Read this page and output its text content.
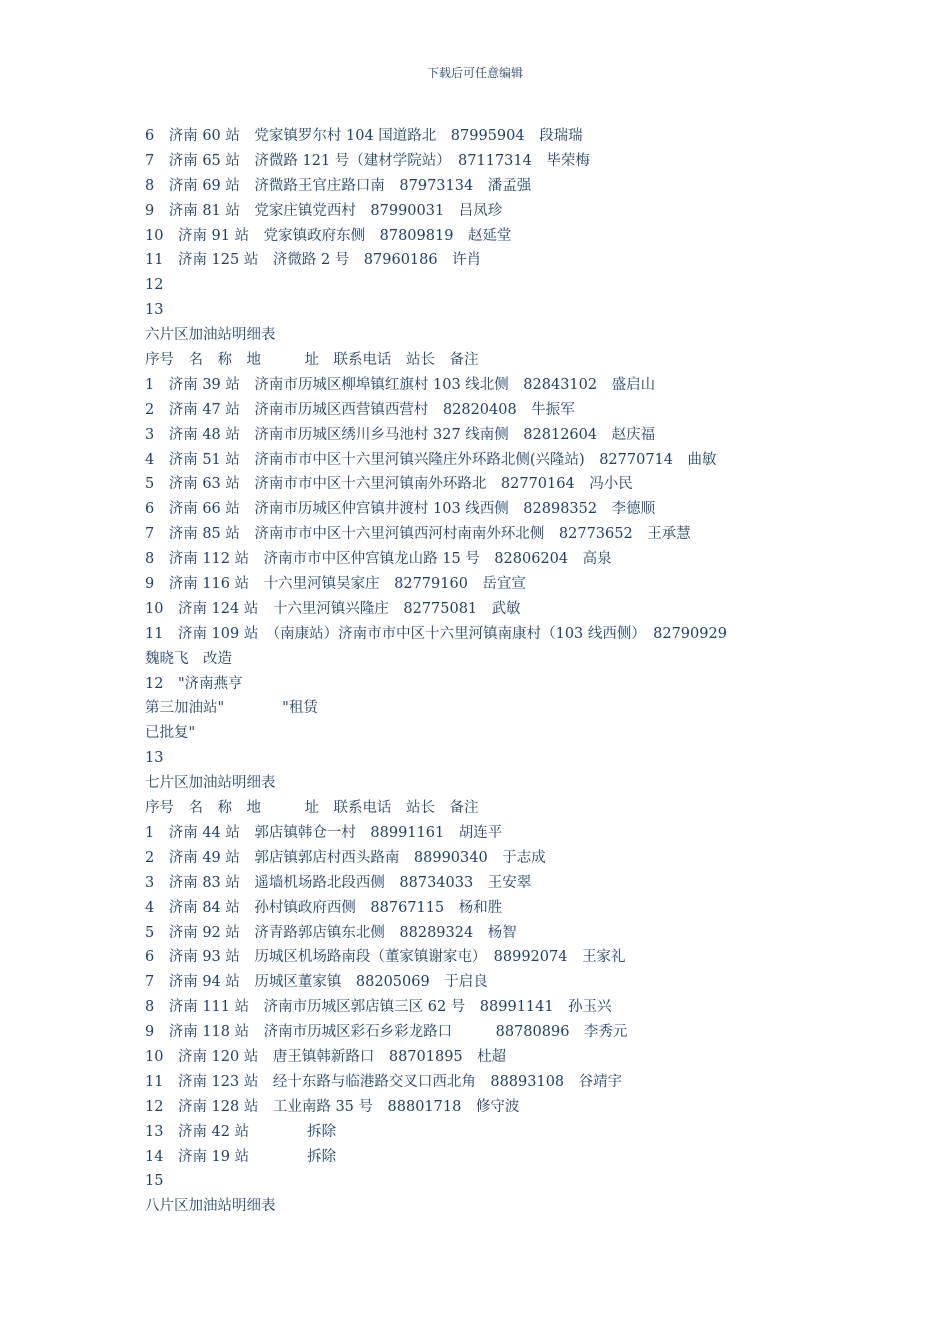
下载后可任意编辑
6　济南 60 站　党家镇罗尔村 104 国道路北　87995904　段瑞瑞
7　济南 65 站　济微路 121 号（建材学院站）　87117314　毕荣梅
8　济南 69 站　济微路王官庄路口南　87973134　潘孟强
9　济南 81 站　党家庄镇党西村　87990031　吕凤珍
10　济南 91 站　党家镇政府东侧　87809819　赵延堂
11　济南 125 站　济微路 2 号　87960186　许肖
12
13
六片区加油站明细表
序号　名　称　地　　　址　联系电话　站长　备注
1　济南 39 站　济南市历城区柳埠镇红旗村 103 线北侧　82843102　盛启山
2　济南 47 站　济南市历城区西营镇西营村　82820408　牛振军
3　济南 48 站　济南市历城区绣川乡马池村 327 线南侧　82812604　赵庆福
4　济南 51 站　济南市市中区十六里河镇兴隆庄外环路北侧(兴隆站)　82770714　曲敏
5　济南 63 站　济南市市中区十六里河镇南外环路北　82770164　冯小民
6　济南 66 站　济南市历城区仲宫镇井渡村 103 线西侧　82898352　李德顺
7　济南 85 站　济南市市中区十六里河镇西河村南南外环北侧　82773652　王承慧
8　济南 112 站　济南市市中区仲宫镇龙山路 15 号　82806204　高泉
9　济南 116 站　十六里河镇吴家庄　82779160　岳宜宣
10　济南 124 站　十六里河镇兴隆庄　82775081　武敏
11　济南 109 站　（南康站）济南市市中区十六里河镇南康村（103 线西侧）　82790929
魏晓飞　改造
12　"济南燕亨
第三加油站"　　　　"租赁
已批复"
13
七片区加油站明细表
序号　名　称　地　　　址　联系电话　站长　备注
1　济南 44 站　郭店镇韩仓一村　88991161　胡连平
2　济南 49 站　郭店镇郭店村西头路南　88990340　于志成
3　济南 83 站　遥墙机场路北段西侧　88734033　王安翠
4　济南 84 站　孙村镇政府西侧　88767115　杨和胜
5　济南 92 站　济青路郭店镇东北侧　88289324　杨智
6　济南 93 站　历城区机场路南段（董家镇谢家屯）　88992074　王家礼
7　济南 94 站　历城区董家镇　88205069　于启良
8　济南 111 站　济南市历城区郭店镇三区 62 号　88991141　孙玉兴
9　济南 118 站　济南市历城区彩石乡彩龙路口　　　88780896　李秀元
10　济南 120 站　唐王镇韩新路口　88701895　杜超
11　济南 123 站　经十东路与临港路交叉口西北角　88893108　谷靖宇
12　济南 128 站　工业南路 35 号　88801718　修守波
13　济南 42 站　　　　拆除
14　济南 19 站　　　　拆除
15
八片区加油站明细表
